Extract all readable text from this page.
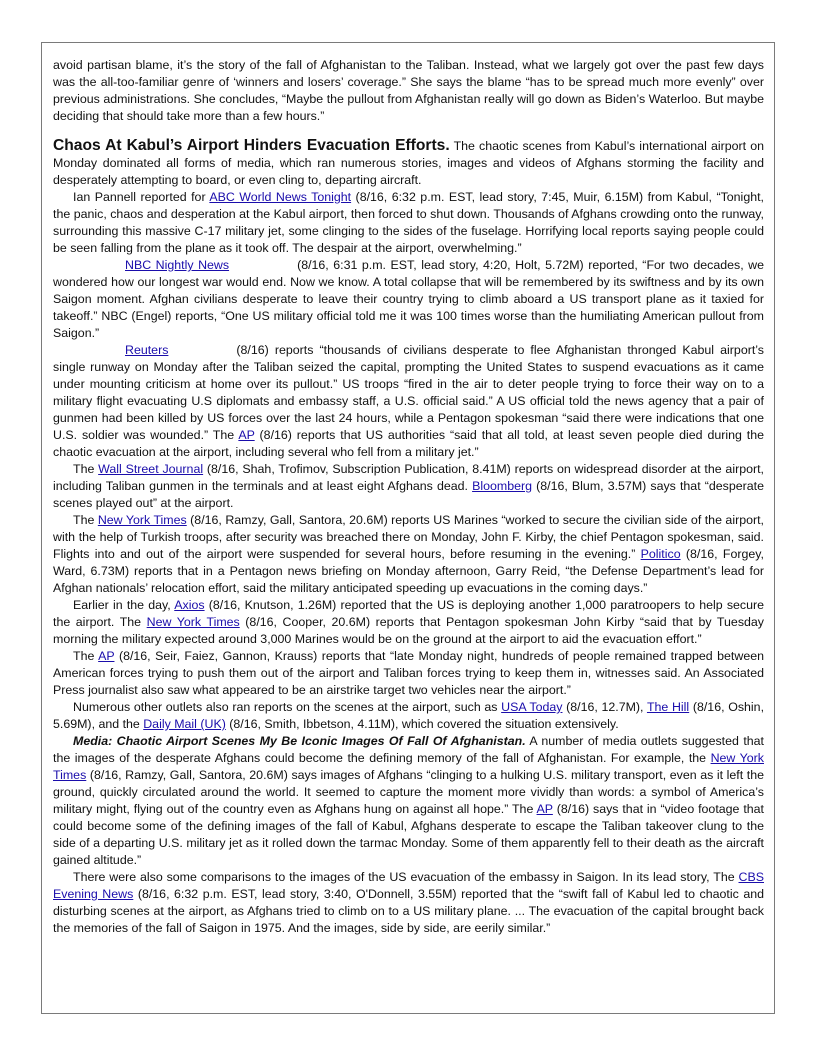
avoid partisan blame, it’s the story of the fall of Afghanistan to the Taliban. Instead, what we largely got over the past few days was the all-too-familiar genre of ‘winners and losers’ coverage.” She says the blame “has to be spread much more evenly” over previous administrations. She concludes, “Maybe the pullout from Afghanistan really will go down as Biden’s Waterloo. But maybe deciding that should take more than a few hours.”

Chaos At Kabul’s Airport Hinders Evacuation Efforts. The chaotic scenes from Kabul’s international airport on Monday dominated all forms of media, which ran numerous stories, images and videos of Afghans storming the facility and desperately attempting to board, or even cling to, departing aircraft.

Ian Pannell reported for ABC World News Tonight (8/16, 6:32 p.m. EST, lead story, 7:45, Muir, 6.15M) from Kabul, “Tonight, the panic, chaos and desperation at the Kabul airport, then forced to shut down. Thousands of Afghans crowding onto the runway, surrounding this massive C-17 military jet, some clinging to the sides of the fuselage. Horrifying local reports saying people could be seen falling from the plane as it took off. The despair at the airport, overwhelming.”

NBC Nightly News	(8/16, 6:31 p.m. EST, lead story, 4:20, Holt, 5.72M) reported, “For two decades, we wondered how our longest war would end. Now we know. A total collapse that will be remembered by its swiftness and by its own Saigon moment. Afghan civilians desperate to leave their country trying to climb aboard a US transport plane as it taxied for takeoff.” NBC (Engel) reports, “One US military official told me it was 100 times worse than the humiliating American pullout from Saigon.”

Reuters	(8/16) reports “thousands of civilians desperate to flee Afghanistan thronged Kabul airport’s single runway on Monday after the Taliban seized the capital, prompting the United States to suspend evacuations as it came under mounting criticism at home over its pullout.” US troops “fired in the air to deter people trying to force their way on to a military flight evacuating U.S diplomats and embassy staff, a U.S. official said.” A US official told the news agency that a pair of gunmen had been killed by US forces over the last 24 hours, while a Pentagon spokesman “said there were indications that one U.S. soldier was wounded.” The AP (8/16) reports that US authorities “said that all told, at least seven people died during the chaotic evacuation at the airport, including several who fell from a military jet.”

The Wall Street Journal (8/16, Shah, Trofimov, Subscription Publication, 8.41M) reports on widespread disorder at the airport, including Taliban gunmen in the terminals and at least eight Afghans dead. Bloomberg (8/16, Blum, 3.57M) says that “desperate scenes played out” at the airport.

The New York Times (8/16, Ramzy, Gall, Santora, 20.6M) reports US Marines “worked to secure the civilian side of the airport, with the help of Turkish troops, after security was breached there on Monday, John F. Kirby, the chief Pentagon spokesman, said. Flights into and out of the airport were suspended for several hours, before resuming in the evening.” Politico (8/16, Forgey, Ward, 6.73M) reports that in a Pentagon news briefing on Monday afternoon, Garry Reid, “the Defense Department’s lead for Afghan nationals’ relocation effort, said the military anticipated speeding up evacuations in the coming days.”

Earlier in the day, Axios (8/16, Knutson, 1.26M) reported that the US is deploying another 1,000 paratroopers to help secure the airport. The New York Times (8/16, Cooper, 20.6M) reports that Pentagon spokesman John Kirby “said that by Tuesday morning the military expected around 3,000 Marines would be on the ground at the airport to aid the evacuation effort.”

The AP (8/16, Seir, Faiez, Gannon, Krauss) reports that “late Monday night, hundreds of people remained trapped between American forces trying to push them out of the airport and Taliban forces trying to keep them in, witnesses said. An Associated Press journalist also saw what appeared to be an airstrike target two vehicles near the airport.”

Numerous other outlets also ran reports on the scenes at the airport, such as USA Today (8/16, 12.7M), The Hill (8/16, Oshin, 5.69M), and the Daily Mail (UK) (8/16, Smith, Ibbetson, 4.11M), which covered the situation extensively.

Media: Chaotic Airport Scenes My Be Iconic Images Of Fall Of Afghanistan. A number of media outlets suggested that the images of the desperate Afghans could become the defining memory of the fall of Afghanistan. For example, the New York Times (8/16, Ramzy, Gall, Santora, 20.6M) says images of Afghans “clinging to a hulking U.S. military transport, even as it left the ground, quickly circulated around the world. It seemed to capture the moment more vividly than words: a symbol of America’s military might, flying out of the country even as Afghans hung on against all hope.” The AP (8/16) says that in “video footage that could become some of the defining images of the fall of Kabul, Afghans desperate to escape the Taliban takeover clung to the side of a departing U.S. military jet as it rolled down the tarmac Monday. Some of them apparently fell to their death as the aircraft gained altitude.”

There were also some comparisons to the images of the US evacuation of the embassy in Saigon. In its lead story, The CBS Evening News (8/16, 6:32 p.m. EST, lead story, 3:40, O'Donnell, 3.55M) reported that the “swift fall of Kabul led to chaotic and disturbing scenes at the airport, as Afghans tried to climb on to a US military plane. ... The evacuation of the capital brought back the memories of the fall of Saigon in 1975. And the images, side by side, are eerily similar.”
